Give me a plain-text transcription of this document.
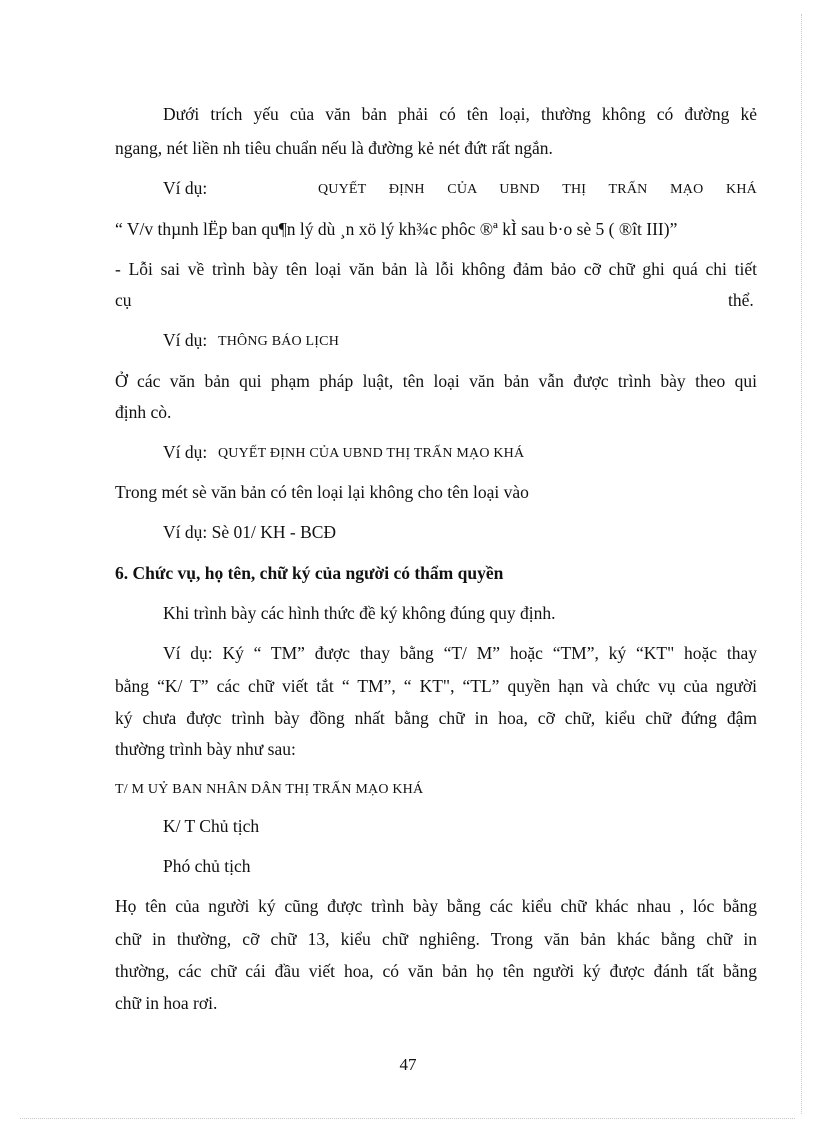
Dưới trích yếu của văn bản phải có tên loại, thường không có đường kẻ
ngang, nét liền nh tiêu chuẩn nếu là đường kẻ nét đứt rất ngắn.
Ví dụ:	QUYẾT ĐỊNH CỦA UBND THỊ TRẤN MẠO KHÁ
“ V/v thµnh lËp ban qu¶n lý dù ¸n xö lý kh¾c phôc ®ª kÌ sau b·o sè 5 ( ®ît III)”
- Lỗi sai về trình bày tên loại văn bản là lỗi không đảm bảo cỡ chữ ghi quá chi tiết
cụ	thể.
Ví dụ: THÔNG BÁO LỊCH
Ở các văn bản qui phạm pháp luật, tên loại văn bản vẫn được trình bày theo qui
định cò.
Ví dụ: QUYẾT ĐỊNH CỦA UBND THỊ TRẤN MẠO KHÁ
Trong mét sè văn bản có tên loại lại không cho tên loại vào
Ví dụ: Sè 01/ KH - BCĐ
6. Chức vụ, họ tên, chữ ký của người có thẩm quyền
Khi trình bày các hình thức đề ký không đúng quy định.
Ví dụ: Ký “ TM” được thay bằng “T/ M” hoặc “TM”, ký “KT" hoặc thay
bằng “K/ T” các chữ viết tắt “ TM”, “ KT", “TL” quyền hạn và chức vụ của người
ký chưa được trình bày đồng nhất bằng chữ in hoa, cỡ chữ, kiểu chữ đứng đậm
thường trình bày như sau:
T/ M UỶ BAN NHÂN DÂN THỊ TRẤN MẠO KHÁ
K/ T Chủ tịch
Phó chủ tịch
Họ tên của người ký cũng được trình bày bằng các kiểu chữ khác nhau , lóc bằng
chữ in thường, cỡ chữ 13, kiểu chữ nghiêng. Trong văn bản khác bằng chữ in
thường, các chữ cái đầu viết hoa, có văn bản họ tên người ký được đánh tất bằng
chữ in hoa rơi.
47
